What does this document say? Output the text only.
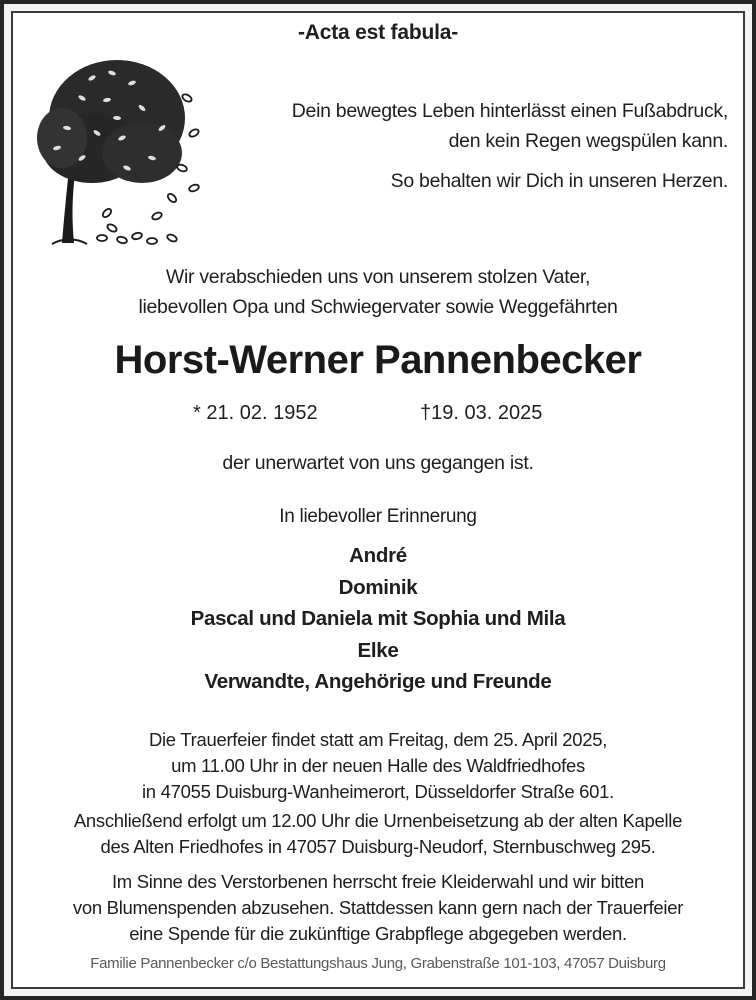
-Acta est fabula-
Dein bewegtes Leben hinterlässt einen Fußabdruck,
den kein Regen wegspülen kann.
So behalten wir Dich in unseren Herzen.
Wir verabschieden uns von unserem stolzen Vater,
liebevollen Opa und Schwiegervater sowie Weggefährten
Horst-Werner Pannenbecker
* 21. 02. 1952	†19. 03. 2025
der unerwartet von uns gegangen ist.
In liebevoller Erinnerung
André
Dominik
Pascal und Daniela mit Sophia und Mila
Elke
Verwandte, Angehörige und Freunde
Die Trauerfeier findet statt am Freitag, dem 25. April 2025,
um 11.00 Uhr in der neuen Halle des Waldfriedhofes
in 47055 Duisburg-Wanheimerort, Düsseldorfer Straße 601.
Anschließend erfolgt um 12.00 Uhr die Urnenbeisetzung ab der alten Kapelle
des Alten Friedhofes in 47057 Duisburg-Neudorf, Sternbuschweg 295.
Im Sinne des Verstorbenen herrscht freie Kleiderwahl und wir bitten
von Blumenspenden abzusehen. Stattdessen kann gern nach der Trauerfeier
eine Spende für die zukünftige Grabpflege abgegeben werden.
Familie Pannenbecker c/o Bestattungshaus Jung, Grabenstraße 101-103, 47057 Duisburg
